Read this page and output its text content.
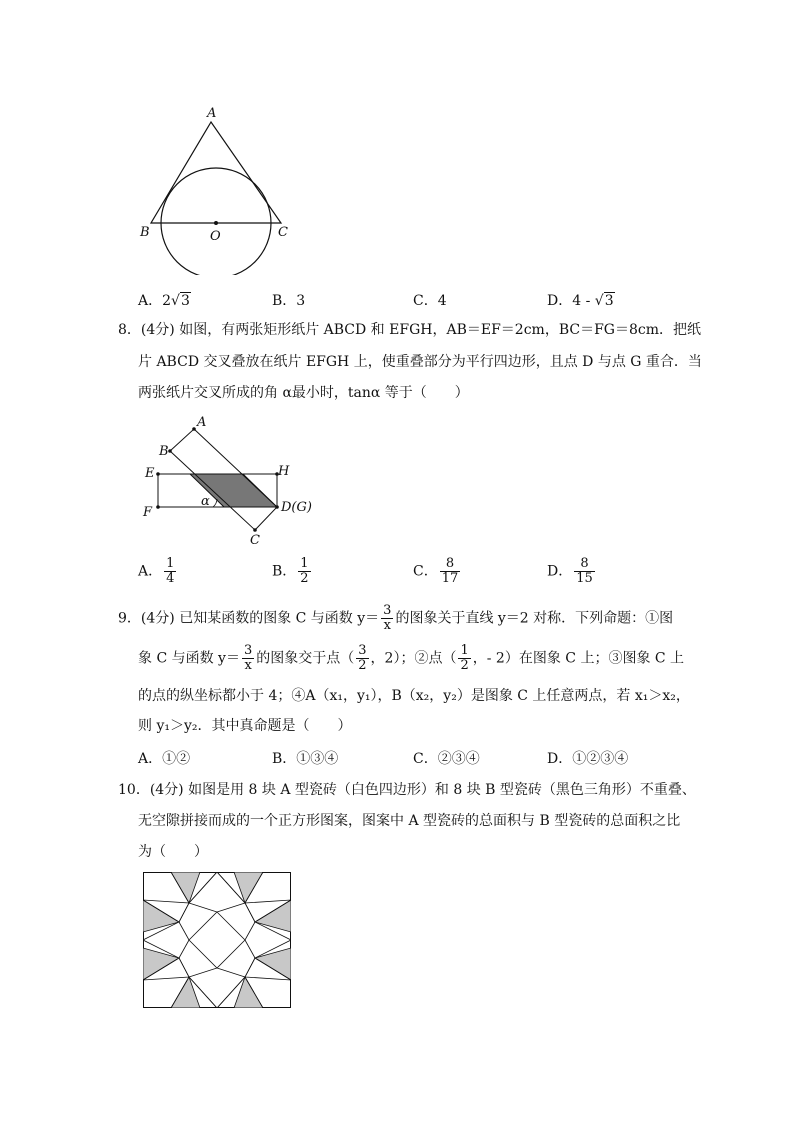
A
B	C
O
A．2√3	B．3	C．4	D．4 - √3
8．(4分) 如图，有两张矩形纸片 ABCD 和 EFGH，AB＝EF＝2cm，BC＝FG＝8cm．把纸
片 ABCD 交叉叠放在纸片 EFGH 上，使重叠部分为平行四边形，且点 D 与点 G 重合．当
两张纸片交叉所成的角 α最小时，tanα 等于（　　）
A
B
E	H
F	D(G)
C
α
A． $\frac{1}{4}$	B． $\frac{1}{2}$	C． $\frac{8}{17}$	D． $\frac{8}{15}$
9．(4分) 已知某函数的图象 C 与函数 $y= \frac{3}{x}$ 的图象关于直线 y＝2 对称．下列命题：①图
象 C 与函数 $y= \frac{3}{x}$ 的图象交于点（ $\frac{3}{2}$ ，2）；②点（ $\frac{1}{2}$ ，- 2）在图象 C 上；③图象 C 上
的点的纵坐标都小于 4；④A（x₁，y₁），B（x₂，y₂）是图象 C 上任意两点，若 x₁＞x₂，
则 y₁＞y₂．其中真命题是（　　）
A．①②	B．①③④	C．②③④	D．①②③④
10．(4分) 如图是用 8 块 A 型瓷砖（白色四边形）和 8 块 B 型瓷砖（黑色三角形）不重叠、
无空隙拼接而成的一个正方形图案，图案中 A 型瓷砖的总面积与 B 型瓷砖的总面积之比
为（　　）
